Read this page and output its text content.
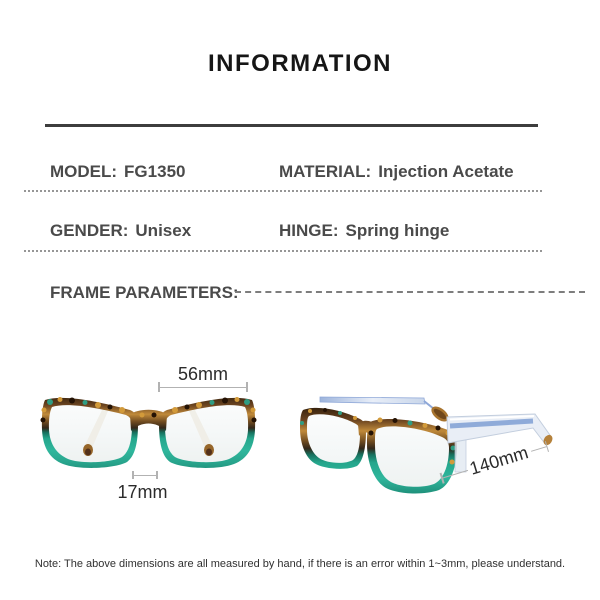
INFORMATION
MODEL: FG1350	MATERIAL: Injection Acetate
GENDER: Unisex	HINGE: Spring hinge
FRAME PARAMETERS:
56mm
17mm
140mm
Note: The above dimensions are all measured by hand, if there is an error within 1~3mm, please understand.
